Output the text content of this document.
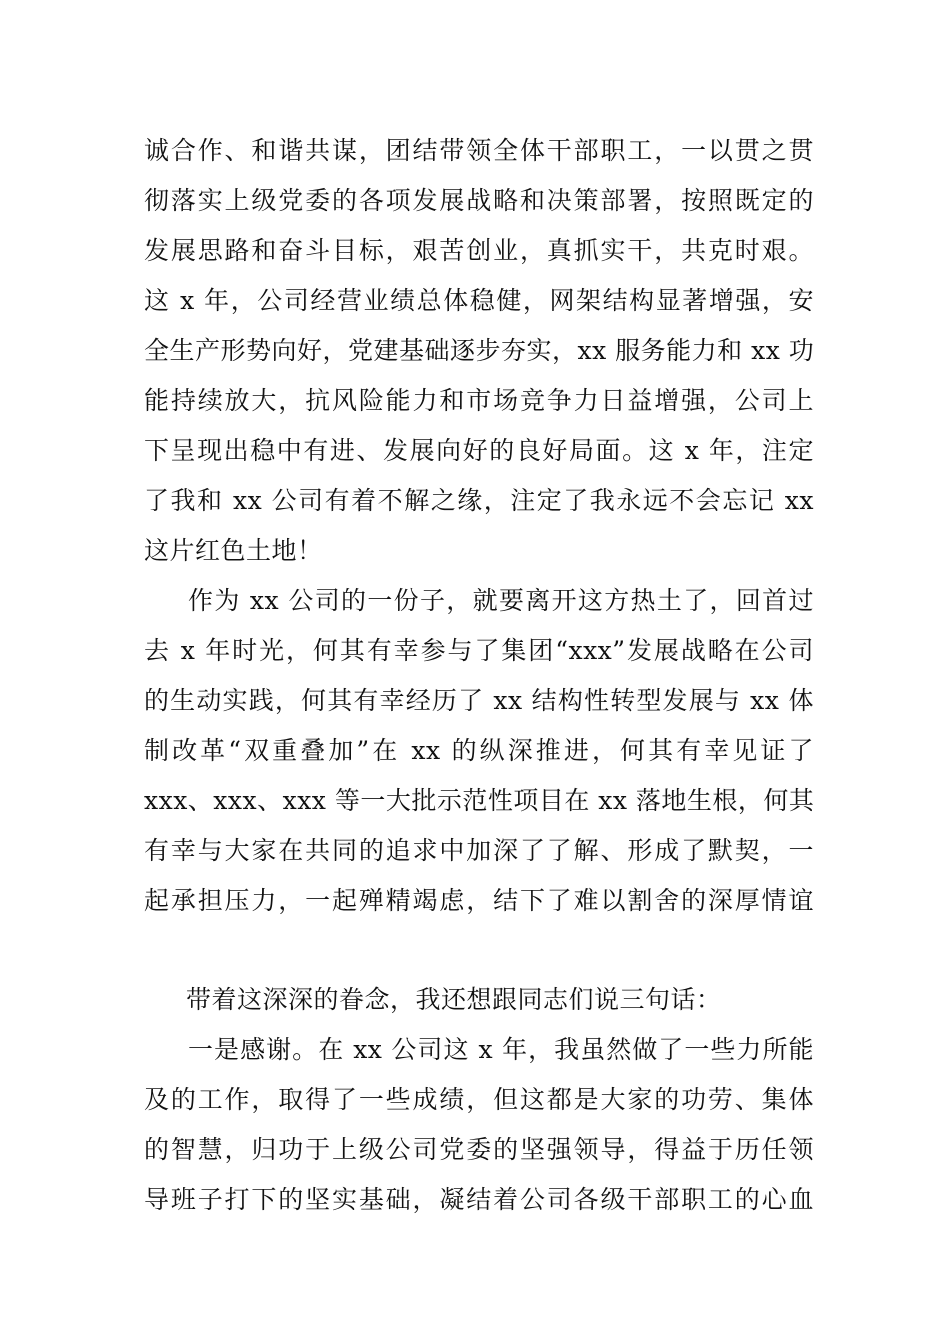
诚合作、和谐共谋，团结带领全体干部职工，一以贯之贯
彻落实上级党委的各项发展战略和决策部署，按照既定的
发展思路和奋斗目标，艰苦创业，真抓实干，共克时艰。
这 x 年，公司经营业绩总体稳健，网架结构显著增强，安
全生产形势向好，党建基础逐步夯实，xx 服务能力和 xx 功
能持续放大，抗风险能力和市场竞争力日益增强，公司上
下呈现出稳中有进、发展向好的良好局面。这 x 年，注定
了我和 xx 公司有着不解之缘，注定了我永远不会忘记 xx
这片红色土地！
作为 xx 公司的一份子，就要离开这方热土了，回首过
去 x 年时光，何其有幸参与了集团“xxx”发展战略在公司
的生动实践，何其有幸经历了 xx 结构性转型发展与 xx 体
制改革“双重叠加”在 xx 的纵深推进，何其有幸见证了
xxx、xxx、xxx 等一大批示范性项目在 xx 落地生根，何其
有幸与大家在共同的追求中加深了了解、形成了默契，一
起承担压力，一起殚精竭虑，结下了难以割舍的深厚情谊
带着这深深的眷念，我还想跟同志们说三句话：
一是感谢。在 xx 公司这 x 年，我虽然做了一些力所能
及的工作，取得了一些成绩，但这都是大家的功劳、集体
的智慧，归功于上级公司党委的坚强领导，得益于历任领
导班子打下的坚实基础，凝结着公司各级干部职工的心血
